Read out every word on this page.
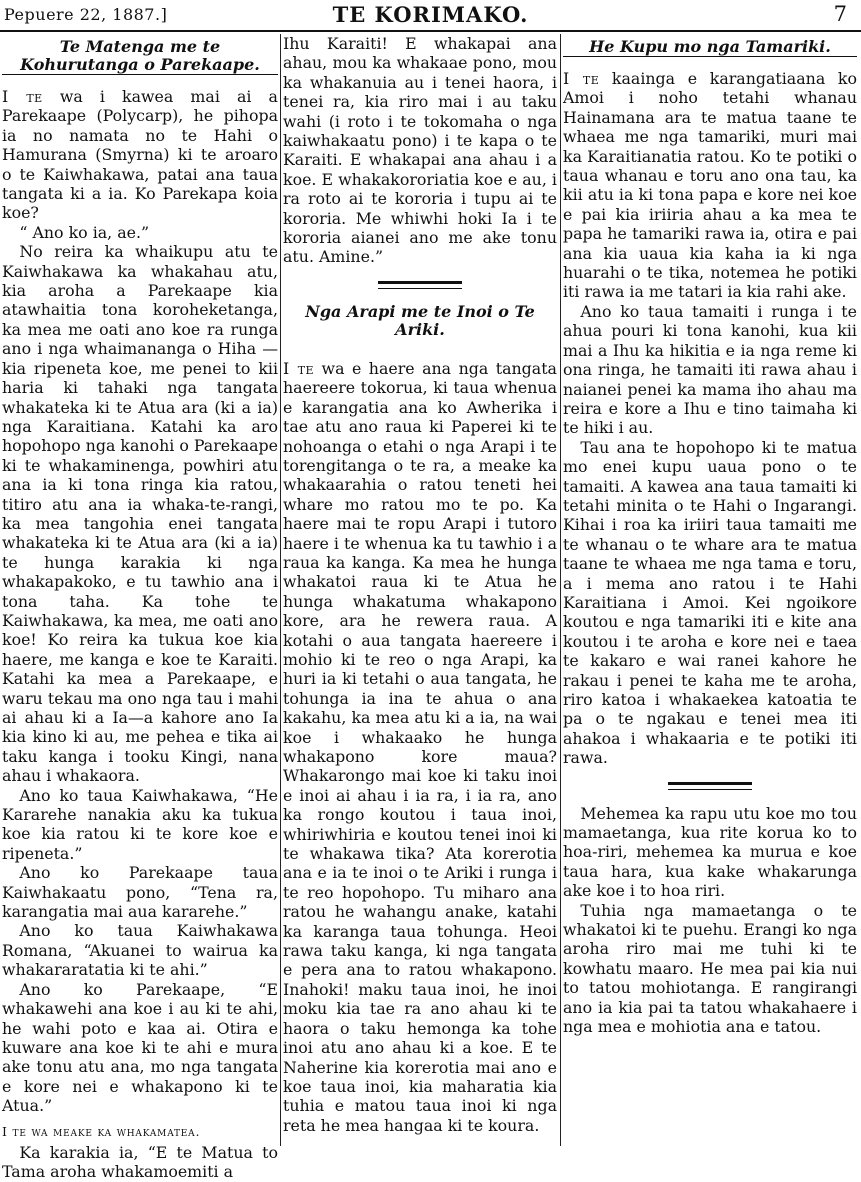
Pepuere 22, 1887.]	TE KORIMAKO.	7
Te Matenga me te Kohurutanga o Parekaape.

I te wa i kawea mai ai a Parekaape (Polycarp), he pihopa ia no namata no te Hahi o Hamurana (Smyrna) ki te aroaro o te Kaiwhakawa, patai ana taua tangata ki a ia. Ko Parekapa koia koe?

“ Ano ko ia, ae.”

No reira ka whaikupu atu te Kaiwhakawa ka whakahau atu, kia aroha a Parekaape kia atawhaitia tona koroheketanga, ka mea me oati ano koe ra runga ano i nga whaimananga o Hiha —kia ripeneta koe, me penei to kii haria ki tahaki nga tangata whakateka ki te Atua ara (ki a ia) nga Karaitiana. Katahi ka aro hopohopo nga kanohi o Parekaape ki te whakaminenga, powhiri atu ana ia ki tona ringa kia ratou, titiro atu ana ia whaka-te-rangi, ka mea tangohia enei tangata whakateka ki te Atua ara (ki a ia) te hunga karakia ki nga whakapakoko, e tu tawhio ana i tona taha. Ka tohe te Kaiwhakawa, ka mea, me oati ano koe! Ko reira ka tukua koe kia haere, me kanga e koe te Karaiti. Katahi ka mea a Parekaape, e waru tekau ma ono nga tau i mahi ai ahau ki a Ia—a kahore ano Ia kia kino ki au, me pehea e tika ai taku kanga i tooku Kingi, nana ahau i whakaora.

Ano ko taua Kaiwhakawa, “He Kararehe nanakia aku ka tukua koe kia ratou ki te kore koe e ripeneta.”

Ano ko Parekaape taua Kaiwhakaatu pono, “Tena ra, karangatia mai aua kararehe.”

Ano ko taua Kaiwhakawa Romana, “Akuanei to wairua ka whakararatatia ki te ahi.”

Ano ko Parekaape, “E whakawehi ana koe i au ki te ahi, he wahi poto e kaa ai. Otira e kuware ana koe ki te ahi e mura ake tonu atu ana, mo nga tangata e kore nei e whakapono ki te Atua.”

I te wa meake ka whakamatea.

Ka karakia ia, “E te Matua to Tama aroha whakamoemiti a

Ihu Karaiti! E whakapai ana ahau, mou ka whakaae pono, mou ka whakanuia au i tenei haora, i tenei ra, kia riro mai i au taku wahi (i roto i te tokomaha o nga kaiwhakaatu pono) i te kapa o te Karaiti. E whakapai ana ahau i a koe. E whakakororiatia koe e au, i ra roto ai te kororia i tupu ai te kororia. Me whiwhi hoki Ia i te kororia aianei ano me ake tonu atu. Amine.”

Nga Arapi me te Inoi o Te Ariki.

I te wa e haere ana nga tangata haereere tokorua, ki taua whenua e karangatia ana ko Awherika i tae atu ano raua ki Paperei ki te nohoanga o etahi o nga Arapi i te torengitanga o te ra, a meake ka whakaarahia o ratou teneti hei whare mo ratou mo te po. Ka haere mai te ropu Arapi i tutoro haere i te whenua ka tu tawhio i a raua ka kanga. Ka mea he hunga whakatoi raua ki te Atua he hunga whakatuma whakapono kore, ara he rewera raua. A kotahi o aua tangata haereere i mohio ki te reo o nga Arapi, ka huri ia ki tetahi o aua tangata, he tohunga ia ina te ahua o ana kakahu, ka mea atu ki a ia, na wai koe i whakaako he hunga whakapono kore maua? Whakarongo mai koe ki taku inoi e inoi ai ahau i ia ra, i ia ra, ano ka rongo koutou i taua inoi, whiriwhiria e koutou tenei inoi ki te whakawa tika? Ata korerotia ana e ia te inoi o te Ariki i runga i te reo hopohopo. Tu miharo ana ratou he wahangu anake, katahi ka karanga taua tohunga. Heoi rawa taku kanga, ki nga tangata e pera ana to ratou whakapono. Inahoki! maku taua inoi, he inoi moku kia tae ra ano ahau ki te haora o taku hemonga ka tohe inoi atu ano ahau ki a koe. E te Naherine kia korerotia mai ano e koe taua inoi, kia maharatia kia tuhia e matou taua inoi ki nga reta he mea hangaa ki te koura.

He Kupu mo nga Tamariki.

I te kaainga e karangatiaana ko Amoi i noho tetahi whanau Hainamana ara te matua taane te whaea me nga tamariki, muri mai ka Karaitianatia ratou. Ko te potiki o taua whanau e toru ano ona tau, ka kii atu ia ki tona papa e kore nei koe e pai kia iriiria ahau a ka mea te papa he tamariki rawa ia, otira e pai ana kia uaua kia kaha ia ki nga huarahi o te tika, notemea he potiki iti rawa ia me tatari ia kia rahi ake.

Ano ko taua tamaiti i runga i te ahua pouri ki tona kanohi, kua kii mai a Ihu ka hikitia e ia nga reme ki ona ringa, he tamaiti iti rawa ahau i naianei penei ka mama iho ahau ma reira e kore a Ihu e tino taimaha ki te hiki i au.

Tau ana te hopohopo ki te matua mo enei kupu uaua pono o te tamaiti. A kawea ana taua tamaiti ki tetahi minita o te Hahi o Ingarangi. Kihai i roa ka iriiri taua tamaiti me te whanau o te whare ara te matua taane te whaea me nga tama e toru, a i mema ano ratou i te Hahi Karaitiana i Amoi. Kei ngoikore koutou e nga tamariki iti e kite ana koutou i te aroha e kore nei e taea te kakaro e wai ranei kahore he rakau i penei te kaha me te aroha, riro katoa i whakaekea katoatia te pa o te ngakau e tenei mea iti ahakoa i whakaaria e te potiki iti rawa.

Mehemea ka rapu utu koe mo tou mamaetanga, kua rite korua ko to hoa-riri, mehemea ka murua e koe taua hara, kua kake whakarunga ake koe i to hoa riri.

Tuhia nga mamaetanga o te whakatoi ki te puehu. Erangi ko nga aroha riro mai me tuhi ki te kowhatu maaro. He mea pai kia nui to tatou mohiotanga. E rangirangi ano ia kia pai ta tatou whakahaere i nga mea e mohiotia ana e tatou.
